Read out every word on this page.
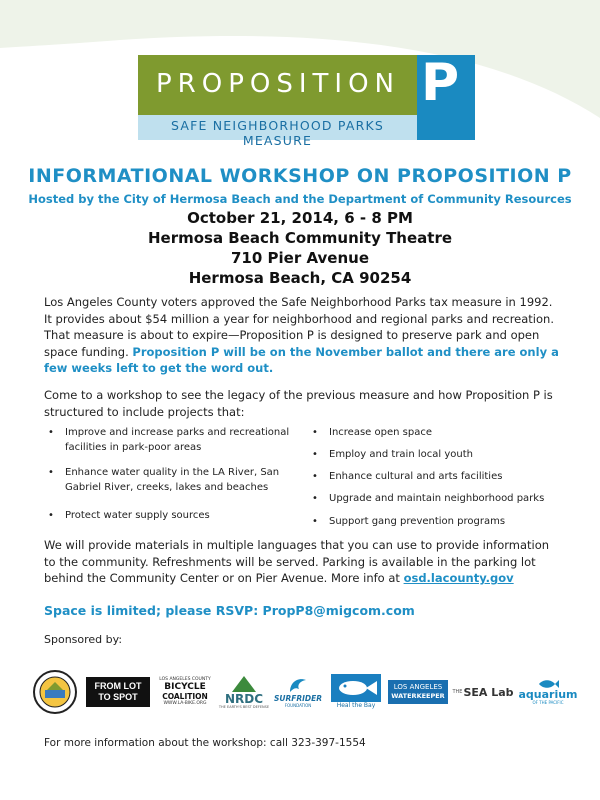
PROPOSITION P
SAFE NEIGHBORHOOD PARKS MEASURE
INFORMATIONAL WORKSHOP ON PROPOSITION P
Hosted by the City of Hermosa Beach and the Department of Community Resources
October 21, 2014, 6 - 8 PM
Hermosa Beach Community Theatre
710 Pier Avenue
Hermosa Beach, CA 90254
Los Angeles County voters approved the Safe Neighborhood Parks tax measure in 1992. It provides about $54 million a year for neighborhood and regional parks and recreation. That measure is about to expire—Proposition P is designed to preserve park and open space funding. Proposition P will be on the November ballot and there are only a few weeks left to get the word out.
Come to a workshop to see the legacy of the previous measure and how Proposition P is structured to include projects that:
• Improve and increase parks and recreational facilities in park-poor areas
• Enhance water quality in the LA River, San Gabriel River, creeks, lakes and beaches
• Protect water supply sources
• Increase open space
• Employ and train local youth
• Enhance cultural and arts facilities
• Upgrade and maintain neighborhood parks
• Support gang prevention programs
We will provide materials in multiple languages that you can use to provide information to the community. Refreshments will be served. Parking is available in the parking lot behind the Community Center or on Pier Avenue. More info at osd.lacounty.gov
Space is limited; please RSVP: PropP8@migcom.com
Sponsored by:
FROM LOT
TO SPOT
LOS ANGELES COUNTY
BICYCLE
COALITION
WWW.LA-BIKE.ORG NRDC
THE EARTH'S BEST DEFENSE
SURFRIDER
FOUNDATION	Heal the Bay
LOS ANGELES
WATERKEEPER	THE SEA Lab aquarium
OF THE PACIFIC
For more information about the workshop: call 323-397-1554
